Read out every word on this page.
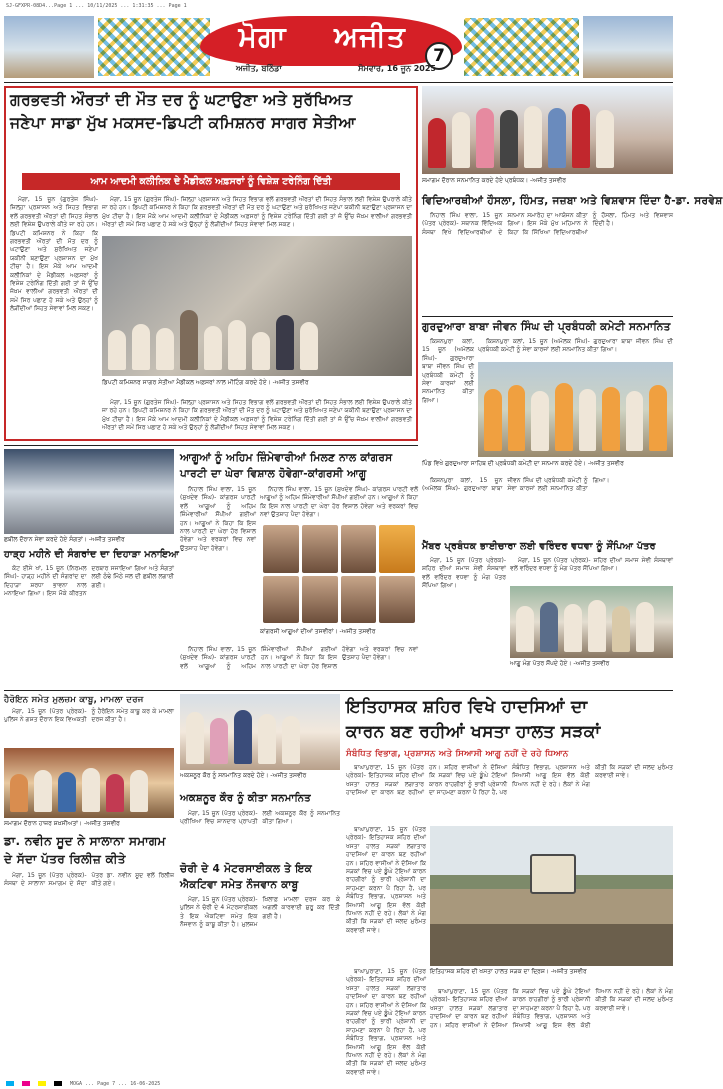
SJ-GFXPR-08D4...Page 1 ... 10/11/2025 ... 1:31:35 ... Page 1
ਮੋਗਾ	ਅਜੀਤ
7
ਅਜੀਤ, ਬਠਿੰਡਾ	ਸੋਮਵਾਰ, 16 ਜੂਨ 2025
ਗਰਭਵਤੀ ਔਰਤਾਂ ਦੀ ਮੌਤ ਦਰ ਨੂੰ ਘਟਾਉਣਾ ਅਤੇ ਸੁਰੱਖਿਅਤ
ਜਣੇਪਾ ਸਾਡਾ ਮੁੱਖ ਮਕਸਦ-ਡਿਪਟੀ ਕਮਿਸ਼ਨਰ ਸਾਗਰ ਸੇਤੀਆ
ਆਮ ਆਦਮੀ ਕਲੀਨਿਕ ਦੇ ਮੈਡੀਕਲ ਅਫ਼ਸਰਾਂ ਨੂੰ ਵਿਸ਼ੇਸ਼ ਟਰੇਨਿੰਗ ਦਿੱਤੀ

ਮੋਗਾ, 15 ਜੂਨ (ਗੁਰਤੇਜ ਸਿੰਘ)- ਜ਼ਿਲ੍ਹਾ ਪ੍ਰਸ਼ਾਸਨ ਅਤੇ ਸਿਹਤ ਵਿਭਾਗ ਵਲੋਂ ਗਰਭਵਤੀ ਔਰਤਾਂ ਦੀ ਸਿਹਤ ਸੰਭਾਲ ਲਈ ਵਿਸ਼ੇਸ਼ ਉਪਰਾਲੇ ਕੀਤੇ ਜਾ ਰਹੇ ਹਨ। ਡਿਪਟੀ ਕਮਿਸ਼ਨਰ ਨੇ ਕਿਹਾ ਕਿ ਗਰਭਵਤੀ ਔਰਤਾਂ ਦੀ ਮੌਤ ਦਰ ਨੂੰ ਘਟਾਉਣਾ ਅਤੇ ਸੁਰੱਖਿਅਤ ਜਣੇਪਾ ਯਕੀਨੀ ਬਣਾਉਣਾ ਪ੍ਰਸ਼ਾਸਨ ਦਾ ਮੁੱਖ ਟੀਚਾ ਹੈ। ਇਸ ਮੌਕੇ ਆਮ ਆਦਮੀ ਕਲੀਨਿਕਾਂ ਦੇ ਮੈਡੀਕਲ ਅਫ਼ਸਰਾਂ ਨੂੰ ਵਿਸ਼ੇਸ਼ ਟਰੇਨਿੰਗ ਦਿੱਤੀ ਗਈ ਤਾਂ ਜੋ ਉੱਚ ਜੋਖ਼ਮ ਵਾਲੀਆਂ ਗਰਭਵਤੀ ਔਰਤਾਂ ਦੀ ਸਮੇਂ ਸਿਰ ਪਛਾਣ ਹੋ ਸਕੇ ਅਤੇ ਉਨ੍ਹਾਂ ਨੂੰ ਲੋੜੀਂਦੀਆਂ ਸਿਹਤ ਸੇਵਾਵਾਂ ਮਿਲ ਸਕਣ।

ਮੋਗਾ, 15 ਜੂਨ (ਗੁਰਤੇਜ ਸਿੰਘ)- ਜ਼ਿਲ੍ਹਾ ਪ੍ਰਸ਼ਾਸਨ ਅਤੇ ਸਿਹਤ ਵਿਭਾਗ ਵਲੋਂ ਗਰਭਵਤੀ ਔਰਤਾਂ ਦੀ ਸਿਹਤ ਸੰਭਾਲ ਲਈ ਵਿਸ਼ੇਸ਼ ਉਪਰਾਲੇ ਕੀਤੇ ਜਾ ਰਹੇ ਹਨ। ਡਿਪਟੀ ਕਮਿਸ਼ਨਰ ਨੇ ਕਿਹਾ ਕਿ ਗਰਭਵਤੀ ਔਰਤਾਂ ਦੀ ਮੌਤ ਦਰ ਨੂੰ ਘਟਾਉਣਾ ਅਤੇ ਸੁਰੱਖਿਅਤ ਜਣੇਪਾ ਯਕੀਨੀ ਬਣਾਉਣਾ ਪ੍ਰਸ਼ਾਸਨ ਦਾ ਮੁੱਖ ਟੀਚਾ ਹੈ। ਇਸ ਮੌਕੇ ਆਮ ਆਦਮੀ ਕਲੀਨਿਕਾਂ ਦੇ ਮੈਡੀਕਲ ਅਫ਼ਸਰਾਂ ਨੂੰ ਵਿਸ਼ੇਸ਼ ਟਰੇਨਿੰਗ ਦਿੱਤੀ ਗਈ ਤਾਂ ਜੋ ਉੱਚ ਜੋਖ਼ਮ ਵਾਲੀਆਂ ਗਰਭਵਤੀ ਔਰਤਾਂ ਦੀ ਸਮੇਂ ਸਿਰ ਪਛਾਣ ਹੋ ਸਕੇ ਅਤੇ ਉਨ੍ਹਾਂ ਨੂੰ ਲੋੜੀਂਦੀਆਂ ਸਿਹਤ ਸੇਵਾਵਾਂ ਮਿਲ ਸਕਣ।

ਡਿਪਟੀ ਕਮਿਸ਼ਨਰ ਸਾਗਰ ਸੇਤੀਆ ਮੈਡੀਕਲ ਅਫ਼ਸਰਾਂ ਨਾਲ ਮੀਟਿੰਗ ਕਰਦੇ ਹੋਏ। -ਅਜੀਤ ਤਸਵੀਰ

ਮੋਗਾ, 15 ਜੂਨ (ਗੁਰਤੇਜ ਸਿੰਘ)- ਜ਼ਿਲ੍ਹਾ ਪ੍ਰਸ਼ਾਸਨ ਅਤੇ ਸਿਹਤ ਵਿਭਾਗ ਵਲੋਂ ਗਰਭਵਤੀ ਔਰਤਾਂ ਦੀ ਸਿਹਤ ਸੰਭਾਲ ਲਈ ਵਿਸ਼ੇਸ਼ ਉਪਰਾਲੇ ਕੀਤੇ ਜਾ ਰਹੇ ਹਨ। ਡਿਪਟੀ ਕਮਿਸ਼ਨਰ ਨੇ ਕਿਹਾ ਕਿ ਗਰਭਵਤੀ ਔਰਤਾਂ ਦੀ ਮੌਤ ਦਰ ਨੂੰ ਘਟਾਉਣਾ ਅਤੇ ਸੁਰੱਖਿਅਤ ਜਣੇਪਾ ਯਕੀਨੀ ਬਣਾਉਣਾ ਪ੍ਰਸ਼ਾਸਨ ਦਾ ਮੁੱਖ ਟੀਚਾ ਹੈ। ਇਸ ਮੌਕੇ ਆਮ ਆਦਮੀ ਕਲੀਨਿਕਾਂ ਦੇ ਮੈਡੀਕਲ ਅਫ਼ਸਰਾਂ ਨੂੰ ਵਿਸ਼ੇਸ਼ ਟਰੇਨਿੰਗ ਦਿੱਤੀ ਗਈ ਤਾਂ ਜੋ ਉੱਚ ਜੋਖ਼ਮ ਵਾਲੀਆਂ ਗਰਭਵਤੀ ਔਰਤਾਂ ਦੀ ਸਮੇਂ ਸਿਰ ਪਛਾਣ ਹੋ ਸਕੇ ਅਤੇ ਉਨ੍ਹਾਂ ਨੂੰ ਲੋੜੀਂਦੀਆਂ ਸਿਹਤ ਸੇਵਾਵਾਂ ਮਿਲ ਸਕਣ।

ਸਮਾਗਮ ਦੌਰਾਨ ਸਨਮਾਨਿਤ ਕਰਦੇ ਹੋਏ ਪ੍ਰਬੰਧਕ। -ਅਜੀਤ ਤਸਵੀਰ
ਵਿਦਿਆਰਥੀਆਂ ਹੌਸਲਾ, ਹਿੰਮਤ, ਜਜ਼ਬਾ ਅਤੇ ਵਿਸ਼ਵਾਸ ਦਿੰਦਾ ਹੈ-ਡਾ. ਸਰਵੇਸ਼

ਨਿਹਾਲ ਸਿੰਘ ਵਾਲਾ, 15 ਜੂਨ (ਪੱਤਰ ਪ੍ਰੇਰਕ)- ਸਥਾਨਕ ਵਿੱਦਿਅਕ ਸੰਸਥਾ ਵਿਖੇ ਵਿਦਿਆਰਥੀਆਂ ਦੇ ਸਨਮਾਨ ਸਮਾਰੋਹ ਦਾ ਆਯੋਜਨ ਕੀਤਾ ਗਿਆ। ਇਸ ਮੌਕੇ ਮੁੱਖ ਮਹਿਮਾਨ ਨੇ ਕਿਹਾ ਕਿ ਸਿੱਖਿਆ ਵਿਦਿਆਰਥੀਆਂ ਨੂੰ ਹੌਸਲਾ, ਹਿੰਮਤ ਅਤੇ ਵਿਸ਼ਵਾਸ ਦਿੰਦੀ ਹੈ।

ਗੁਰਦੁਆਰਾ ਬਾਬਾ ਜੀਵਨ ਸਿੰਘ ਦੀ ਪ੍ਰਬੰਧਕੀ ਕਮੇਟੀ ਸਨਮਾਨਿਤ

ਕਿਸ਼ਨਪੁਰਾ ਕਲਾਂ, 15 ਜੂਨ (ਅਮੋਲਕ ਸਿੰਘ)- ਗੁਰਦੁਆਰਾ ਬਾਬਾ ਜੀਵਨ ਸਿੰਘ ਦੀ ਪ੍ਰਬੰਧਕੀ ਕਮੇਟੀ ਨੂੰ ਸੇਵਾ ਕਾਰਜਾਂ ਲਈ ਸਨਮਾਨਿਤ ਕੀਤਾ ਗਿਆ।

ਕਿਸ਼ਨਪੁਰਾ ਕਲਾਂ, 15 ਜੂਨ (ਅਮੋਲਕ ਸਿੰਘ)- ਗੁਰਦੁਆਰਾ ਬਾਬਾ ਜੀਵਨ ਸਿੰਘ ਦੀ ਪ੍ਰਬੰਧਕੀ ਕਮੇਟੀ ਨੂੰ ਸੇਵਾ ਕਾਰਜਾਂ ਲਈ ਸਨਮਾਨਿਤ ਕੀਤਾ ਗਿਆ।

ਪਿੰਡ ਵਿਖੇ ਗੁਰਦੁਆਰਾ ਸਾਹਿਬ ਦੀ ਪ੍ਰਬੰਧਕੀ ਕਮੇਟੀ ਦਾ ਸਨਮਾਨ ਕਰਦੇ ਹੋਏ। -ਅਜੀਤ ਤਸਵੀਰ

ਕਿਸ਼ਨਪੁਰਾ ਕਲਾਂ, 15 ਜੂਨ (ਅਮੋਲਕ ਸਿੰਘ)- ਗੁਰਦੁਆਰਾ ਬਾਬਾ ਜੀਵਨ ਸਿੰਘ ਦੀ ਪ੍ਰਬੰਧਕੀ ਕਮੇਟੀ ਨੂੰ ਸੇਵਾ ਕਾਰਜਾਂ ਲਈ ਸਨਮਾਨਿਤ ਕੀਤਾ ਗਿਆ।

ਛਬੀਲ ਦੌਰਾਨ ਸੇਵਾ ਕਰਦੇ ਹੋਏ ਸੰਗਤਾਂ। -ਅਜੀਤ ਤਸਵੀਰ
ਹਾੜ੍ਹ ਮਹੀਨੇ ਦੀ ਸੰਗਰਾਂਦ ਦਾ ਦਿਹਾੜਾ ਮਨਾਇਆ

ਕੋਟ ਈਸੇ ਖਾਂ, 15 ਜੂਨ (ਨਿਰਮਲ ਸਿੰਘ)- ਹਾੜ੍ਹ ਮਹੀਨੇ ਦੀ ਸੰਗਰਾਂਦ ਦਾ ਦਿਹਾੜਾ ਸ਼ਰਧਾ ਭਾਵਨਾ ਨਾਲ ਮਨਾਇਆ ਗਿਆ। ਇਸ ਮੌਕੇ ਕੀਰਤਨ ਦਰਬਾਰ ਸਜਾਇਆ ਗਿਆ ਅਤੇ ਸੰਗਤਾਂ ਲਈ ਠੰਢੇ ਮਿੱਠੇ ਜਲ ਦੀ ਛਬੀਲ ਲਗਾਈ ਗਈ।

ਆਗੂਆਂ ਨੂੰ ਅਹਿਮ ਜ਼ਿੰਮੇਵਾਰੀਆਂ ਮਿਲਣ ਨਾਲ ਕਾਂਗਰਸ
ਪਾਰਟੀ ਦਾ ਘੇਰਾ ਵਿਸ਼ਾਲ ਹੋਵੇਗਾ-ਕਾਂਗਰਸੀ ਆਗੂ

ਨਿਹਾਲ ਸਿੰਘ ਵਾਲਾ, 15 ਜੂਨ (ਸੁਖਦੇਵ ਸਿੰਘ)- ਕਾਂਗਰਸ ਪਾਰਟੀ ਵਲੋਂ ਆਗੂਆਂ ਨੂੰ ਅਹਿਮ ਜ਼ਿੰਮੇਵਾਰੀਆਂ ਸੌਂਪੀਆਂ ਗਈਆਂ ਹਨ। ਆਗੂਆਂ ਨੇ ਕਿਹਾ ਕਿ ਇਸ ਨਾਲ ਪਾਰਟੀ ਦਾ ਘੇਰਾ ਹੋਰ ਵਿਸ਼ਾਲ ਹੋਵੇਗਾ ਅਤੇ ਵਰਕਰਾਂ ਵਿਚ ਨਵਾਂ ਉਤਸ਼ਾਹ ਪੈਦਾ ਹੋਵੇਗਾ।

ਨਿਹਾਲ ਸਿੰਘ ਵਾਲਾ, 15 ਜੂਨ (ਸੁਖਦੇਵ ਸਿੰਘ)- ਕਾਂਗਰਸ ਪਾਰਟੀ ਵਲੋਂ ਆਗੂਆਂ ਨੂੰ ਅਹਿਮ ਜ਼ਿੰਮੇਵਾਰੀਆਂ ਸੌਂਪੀਆਂ ਗਈਆਂ ਹਨ। ਆਗੂਆਂ ਨੇ ਕਿਹਾ ਕਿ ਇਸ ਨਾਲ ਪਾਰਟੀ ਦਾ ਘੇਰਾ ਹੋਰ ਵਿਸ਼ਾਲ ਹੋਵੇਗਾ ਅਤੇ ਵਰਕਰਾਂ ਵਿਚ ਨਵਾਂ ਉਤਸ਼ਾਹ ਪੈਦਾ ਹੋਵੇਗਾ।

ਕਾਂਗਰਸੀ ਆਗੂਆਂ ਦੀਆਂ ਤਸਵੀਰਾਂ। -ਅਜੀਤ ਤਸਵੀਰ

ਨਿਹਾਲ ਸਿੰਘ ਵਾਲਾ, 15 ਜੂਨ (ਸੁਖਦੇਵ ਸਿੰਘ)- ਕਾਂਗਰਸ ਪਾਰਟੀ ਵਲੋਂ ਆਗੂਆਂ ਨੂੰ ਅਹਿਮ ਜ਼ਿੰਮੇਵਾਰੀਆਂ ਸੌਂਪੀਆਂ ਗਈਆਂ ਹਨ। ਆਗੂਆਂ ਨੇ ਕਿਹਾ ਕਿ ਇਸ ਨਾਲ ਪਾਰਟੀ ਦਾ ਘੇਰਾ ਹੋਰ ਵਿਸ਼ਾਲ ਹੋਵੇਗਾ ਅਤੇ ਵਰਕਰਾਂ ਵਿਚ ਨਵਾਂ ਉਤਸ਼ਾਹ ਪੈਦਾ ਹੋਵੇਗਾ।

ਮੈਂਬਰ ਪ੍ਰਬੰਧਕ ਭਾਈਚਾਰਾ ਲਈ ਵਰਿੰਦਰ ਵਧਵਾ ਨੂੰ ਸੌਂਪਿਆ ਪੱਤਰ

ਮੋਗਾ, 15 ਜੂਨ (ਪੱਤਰ ਪ੍ਰੇਰਕ)- ਸ਼ਹਿਰ ਦੀਆਂ ਸਮਾਜ ਸੇਵੀ ਸੰਸਥਾਵਾਂ ਵਲੋਂ ਵਰਿੰਦਰ ਵਧਵਾ ਨੂੰ ਮੰਗ ਪੱਤਰ ਸੌਂਪਿਆ ਗਿਆ।

ਮੋਗਾ, 15 ਜੂਨ (ਪੱਤਰ ਪ੍ਰੇਰਕ)- ਸ਼ਹਿਰ ਦੀਆਂ ਸਮਾਜ ਸੇਵੀ ਸੰਸਥਾਵਾਂ ਵਲੋਂ ਵਰਿੰਦਰ ਵਧਵਾ ਨੂੰ ਮੰਗ ਪੱਤਰ ਸੌਂਪਿਆ ਗਿਆ।

ਆਗੂ ਮੰਗ ਪੱਤਰ ਸੌਂਪਦੇ ਹੋਏ। -ਅਜੀਤ ਤਸਵੀਰ
ਹੈਰੋਇਨ ਸਮੇਤ ਮੁਲਜ਼ਮ ਕਾਬੂ, ਮਾਮਲਾ ਦਰਜ

ਮੋਗਾ, 15 ਜੂਨ (ਪੱਤਰ ਪ੍ਰੇਰਕ)- ਪੁਲਿਸ ਨੇ ਗਸ਼ਤ ਦੌਰਾਨ ਇਕ ਵਿਅਕਤੀ ਨੂੰ ਹੈਰੋਇਨ ਸਮੇਤ ਕਾਬੂ ਕਰ ਕੇ ਮਾਮਲਾ ਦਰਜ ਕੀਤਾ ਹੈ।

ਸਮਾਗਮ ਦੌਰਾਨ ਹਾਜ਼ਰ ਸ਼ਖ਼ਸੀਅਤਾਂ। -ਅਜੀਤ ਤਸਵੀਰ
ਡਾ. ਨਵੀਨ ਸੂਦ ਨੇ ਸਾਲਾਨਾ ਸਮਾਗਮ
ਦੇ ਸੱਦਾ ਪੱਤਰ ਰਿਲੀਜ਼ ਕੀਤੇ

ਮੋਗਾ, 15 ਜੂਨ (ਪੱਤਰ ਪ੍ਰੇਰਕ)- ਸੰਸਥਾ ਦੇ ਸਾਲਾਨਾ ਸਮਾਗਮ ਦੇ ਸੱਦਾ ਪੱਤਰ ਡਾ. ਨਵੀਨ ਸੂਦ ਵਲੋਂ ਰਿਲੀਜ਼ ਕੀਤੇ ਗਏ।

ਅਕਸ਼ਨੂਰ ਕੌਰ ਨੂੰ ਸਨਮਾਨਿਤ ਕਰਦੇ ਹੋਏ। -ਅਜੀਤ ਤਸਵੀਰ
ਅਕਸ਼ਨੂਰ ਕੌਰ ਨੂੰ ਕੀਤਾ ਸਨਮਾਨਿਤ

ਮੋਗਾ, 15 ਜੂਨ (ਪੱਤਰ ਪ੍ਰੇਰਕ)- ਪ੍ਰੀਖਿਆ ਵਿਚ ਸ਼ਾਨਦਾਰ ਪ੍ਰਾਪਤੀ ਲਈ ਅਕਸ਼ਨੂਰ ਕੌਰ ਨੂੰ ਸਨਮਾਨਿਤ ਕੀਤਾ ਗਿਆ।

ਚੋਰੀ ਦੇ 4 ਮੋਟਰਸਾਈਕਲ ਤੇ ਇਕ
ਐਕਟਿਵਾ ਸਮੇਤ ਨੌਜਵਾਨ ਕਾਬੂ

ਮੋਗਾ, 15 ਜੂਨ (ਪੱਤਰ ਪ੍ਰੇਰਕ)- ਪੁਲਿਸ ਨੇ ਚੋਰੀ ਦੇ 4 ਮੋਟਰਸਾਈਕਲ ਤੇ ਇਕ ਐਕਟਿਵਾ ਸਮੇਤ ਇਕ ਨੌਜਵਾਨ ਨੂੰ ਕਾਬੂ ਕੀਤਾ ਹੈ। ਮੁਲਜ਼ਮ ਖ਼ਿਲਾਫ਼ ਮਾਮਲਾ ਦਰਜ ਕਰ ਕੇ ਅਗਲੀ ਕਾਰਵਾਈ ਸ਼ੁਰੂ ਕਰ ਦਿੱਤੀ ਗਈ ਹੈ।

ਇਤਿਹਾਸਕ ਸ਼ਹਿਰ ਵਿਖੇ ਹਾਦਸਿਆਂ ਦਾ
ਕਾਰਨ ਬਣ ਰਹੀਆਂ ਖਸਤਾ ਹਾਲਤ ਸੜਕਾਂ
ਸੰਬੰਧਿਤ ਵਿਭਾਗ, ਪ੍ਰਸ਼ਾਸਨ ਅਤੇ ਸਿਆਸੀ ਆਗੂ ਨਹੀਂ ਦੇ ਰਹੇ ਧਿਆਨ

ਬਾਘਾਪੁਰਾਣਾ, 15 ਜੂਨ (ਪੱਤਰ ਪ੍ਰੇਰਕ)- ਇਤਿਹਾਸਕ ਸ਼ਹਿਰ ਦੀਆਂ ਖਸਤਾ ਹਾਲਤ ਸੜਕਾਂ ਲਗਾਤਾਰ ਹਾਦਸਿਆਂ ਦਾ ਕਾਰਨ ਬਣ ਰਹੀਆਂ ਹਨ। ਸ਼ਹਿਰ ਵਾਸੀਆਂ ਨੇ ਦੱਸਿਆ ਕਿ ਸੜਕਾਂ ਵਿਚ ਪਏ ਡੂੰਘੇ ਟੋਇਆਂ ਕਾਰਨ ਰਾਹਗੀਰਾਂ ਨੂੰ ਭਾਰੀ ਪ੍ਰੇਸ਼ਾਨੀ ਦਾ ਸਾਹਮਣਾ ਕਰਨਾ ਪੈ ਰਿਹਾ ਹੈ, ਪਰ ਸੰਬੰਧਿਤ ਵਿਭਾਗ, ਪ੍ਰਸ਼ਾਸਨ ਅਤੇ ਸਿਆਸੀ ਆਗੂ ਇਸ ਵੱਲ ਕੋਈ ਧਿਆਨ ਨਹੀਂ ਦੇ ਰਹੇ। ਲੋਕਾਂ ਨੇ ਮੰਗ ਕੀਤੀ ਕਿ ਸੜਕਾਂ ਦੀ ਜਲਦ ਮੁਰੰਮਤ ਕਰਵਾਈ ਜਾਵੇ।

ਬਾਘਾਪੁਰਾਣਾ, 15 ਜੂਨ (ਪੱਤਰ ਪ੍ਰੇਰਕ)- ਇਤਿਹਾਸਕ ਸ਼ਹਿਰ ਦੀਆਂ ਖਸਤਾ ਹਾਲਤ ਸੜਕਾਂ ਲਗਾਤਾਰ ਹਾਦਸਿਆਂ ਦਾ ਕਾਰਨ ਬਣ ਰਹੀਆਂ ਹਨ। ਸ਼ਹਿਰ ਵਾਸੀਆਂ ਨੇ ਦੱਸਿਆ ਕਿ ਸੜਕਾਂ ਵਿਚ ਪਏ ਡੂੰਘੇ ਟੋਇਆਂ ਕਾਰਨ ਰਾਹਗੀਰਾਂ ਨੂੰ ਭਾਰੀ ਪ੍ਰੇਸ਼ਾਨੀ ਦਾ ਸਾਹਮਣਾ ਕਰਨਾ ਪੈ ਰਿਹਾ ਹੈ, ਪਰ ਸੰਬੰਧਿਤ ਵਿਭਾਗ, ਪ੍ਰਸ਼ਾਸਨ ਅਤੇ ਸਿਆਸੀ ਆਗੂ ਇਸ ਵੱਲ ਕੋਈ ਧਿਆਨ ਨਹੀਂ ਦੇ ਰਹੇ। ਲੋਕਾਂ ਨੇ ਮੰਗ ਕੀਤੀ ਕਿ ਸੜਕਾਂ ਦੀ ਜਲਦ ਮੁਰੰਮਤ ਕਰਵਾਈ ਜਾਵੇ।

ਇਤਿਹਾਸਕ ਸ਼ਹਿਰ ਦੀ ਖਸਤਾ ਹਾਲਤ ਸੜਕ ਦਾ ਦ੍ਰਿਸ਼। -ਅਜੀਤ ਤਸਵੀਰ

ਬਾਘਾਪੁਰਾਣਾ, 15 ਜੂਨ (ਪੱਤਰ ਪ੍ਰੇਰਕ)- ਇਤਿਹਾਸਕ ਸ਼ਹਿਰ ਦੀਆਂ ਖਸਤਾ ਹਾਲਤ ਸੜਕਾਂ ਲਗਾਤਾਰ ਹਾਦਸਿਆਂ ਦਾ ਕਾਰਨ ਬਣ ਰਹੀਆਂ ਹਨ। ਸ਼ਹਿਰ ਵਾਸੀਆਂ ਨੇ ਦੱਸਿਆ ਕਿ ਸੜਕਾਂ ਵਿਚ ਪਏ ਡੂੰਘੇ ਟੋਇਆਂ ਕਾਰਨ ਰਾਹਗੀਰਾਂ ਨੂੰ ਭਾਰੀ ਪ੍ਰੇਸ਼ਾਨੀ ਦਾ ਸਾਹਮਣਾ ਕਰਨਾ ਪੈ ਰਿਹਾ ਹੈ, ਪਰ ਸੰਬੰਧਿਤ ਵਿਭਾਗ, ਪ੍ਰਸ਼ਾਸਨ ਅਤੇ ਸਿਆਸੀ ਆਗੂ ਇਸ ਵੱਲ ਕੋਈ ਧਿਆਨ ਨਹੀਂ ਦੇ ਰਹੇ। ਲੋਕਾਂ ਨੇ ਮੰਗ ਕੀਤੀ ਕਿ ਸੜਕਾਂ ਦੀ ਜਲਦ ਮੁਰੰਮਤ ਕਰਵਾਈ ਜਾਵੇ।

ਬਾਘਾਪੁਰਾਣਾ, 15 ਜੂਨ (ਪੱਤਰ ਪ੍ਰੇਰਕ)- ਇਤਿਹਾਸਕ ਸ਼ਹਿਰ ਦੀਆਂ ਖਸਤਾ ਹਾਲਤ ਸੜਕਾਂ ਲਗਾਤਾਰ ਹਾਦਸਿਆਂ ਦਾ ਕਾਰਨ ਬਣ ਰਹੀਆਂ ਹਨ। ਸ਼ਹਿਰ ਵਾਸੀਆਂ ਨੇ ਦੱਸਿਆ ਕਿ ਸੜਕਾਂ ਵਿਚ ਪਏ ਡੂੰਘੇ ਟੋਇਆਂ ਕਾਰਨ ਰਾਹਗੀਰਾਂ ਨੂੰ ਭਾਰੀ ਪ੍ਰੇਸ਼ਾਨੀ ਦਾ ਸਾਹਮਣਾ ਕਰਨਾ ਪੈ ਰਿਹਾ ਹੈ, ਪਰ ਸੰਬੰਧਿਤ ਵਿਭਾਗ, ਪ੍ਰਸ਼ਾਸਨ ਅਤੇ ਸਿਆਸੀ ਆਗੂ ਇਸ ਵੱਲ ਕੋਈ ਧਿਆਨ ਨਹੀਂ ਦੇ ਰਹੇ। ਲੋਕਾਂ ਨੇ ਮੰਗ ਕੀਤੀ ਕਿ ਸੜਕਾਂ ਦੀ ਜਲਦ ਮੁਰੰਮਤ ਕਰਵਾਈ ਜਾਵੇ।

MOGA ... Page 7 ... 16-06-2025
